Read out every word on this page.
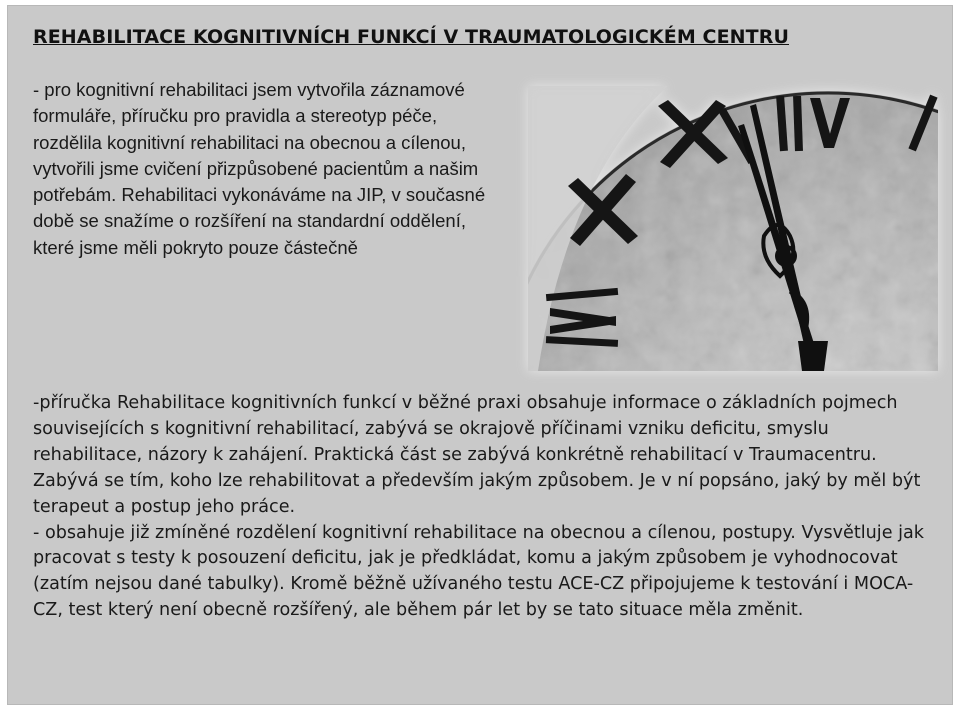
REHABILITACE KOGNITIVNÍCH FUNKCÍ V TRAUMATOLOGICKÉM CENTRU

- pro kognitivní rehabilitaci jsem vytvořila záznamové formuláře, příručku pro pravidla a stereotyp péče, rozdělila kognitivní rehabilitaci na obecnou a cílenou, vytvořili jsme cvičení přizpůsobené pacientům a našim potřebám. Rehabilitaci vykonáváme na JIP, v současné době se snažíme o rozšíření na standardní oddělení, které jsme měli pokryto pouze částečně

-příručka Rehabilitace kognitivních funkcí v běžné praxi obsahuje informace o základních pojmech souvisejících s kognitivní rehabilitací, zabývá se okrajově příčinami vzniku deficitu, smyslu rehabilitace, názory k zahájení. Praktická část se zabývá konkrétně rehabilitací v Traumacentru. Zabývá se tím, koho lze rehabilitovat a především jakým způsobem. Je v ní popsáno, jaký by měl být terapeut a postup jeho práce.
- obsahuje již zmíněné rozdělení kognitivní rehabilitace na obecnou a cílenou, postupy. Vysvětluje jak pracovat s testy k posouzení deficitu, jak je předkládat, komu a jakým způsobem je vyhodnocovat (zatím nejsou dané tabulky). Kromě běžně užívaného testu ACE-CZ připojujeme k testování i MOCA-CZ, test který není obecně rozšířený, ale během pár let by se tato situace měla změnit.
